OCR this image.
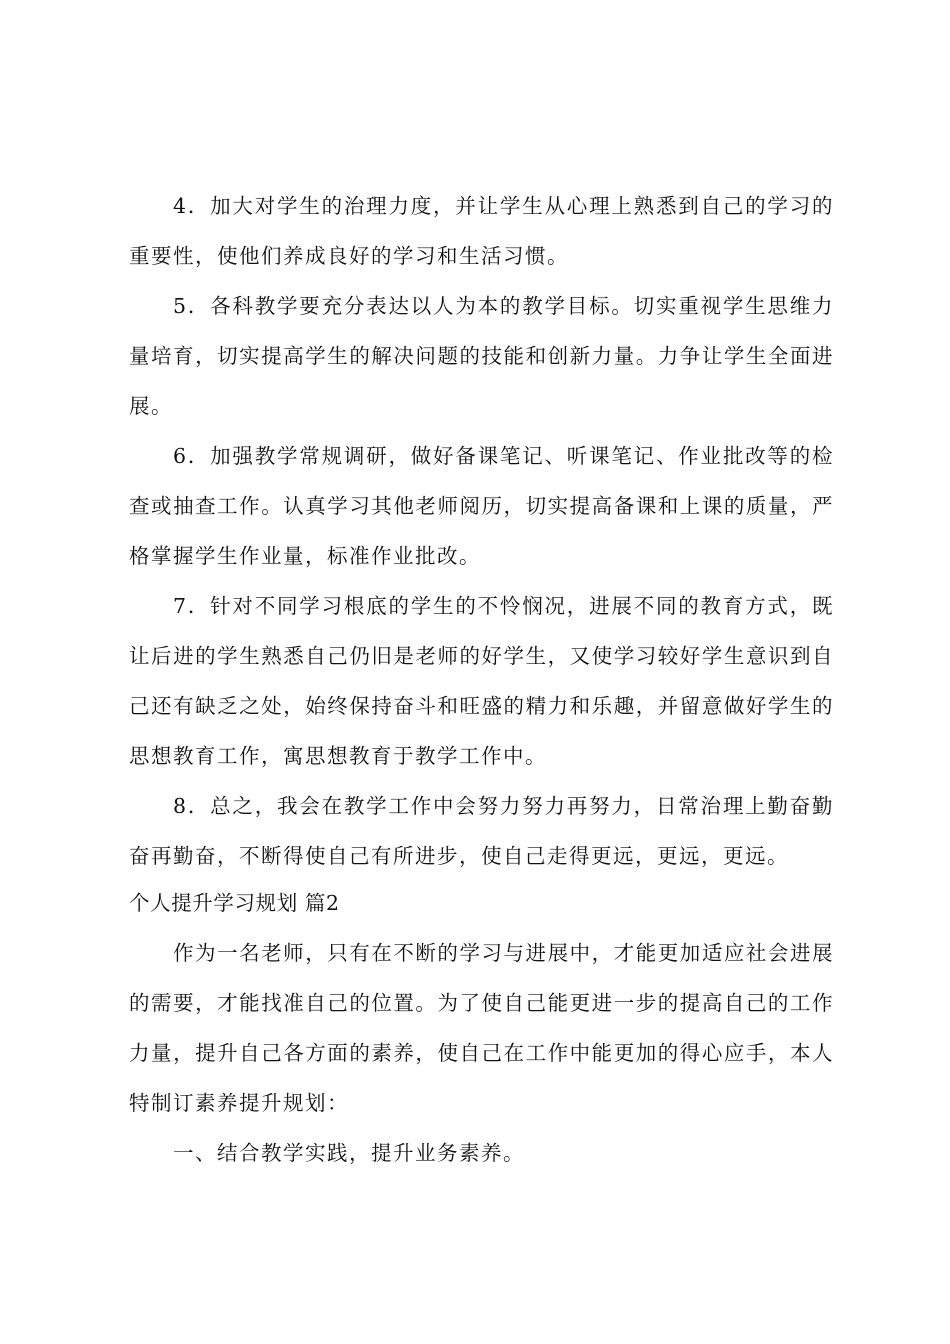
4．加大对学生的治理力度，并让学生从心理上熟悉到自己的学习的重要性，使他们养成良好的学习和生活习惯。

5．各科教学要充分表达以人为本的教学目标。切实重视学生思维力量培育，切实提高学生的解决问题的技能和创新力量。力争让学生全面进展。

6．加强教学常规调研，做好备课笔记、听课笔记、作业批改等的检查或抽查工作。认真学习其他老师阅历，切实提高备课和上课的质量，严格掌握学生作业量，标准作业批改。

7．针对不同学习根底的学生的不怜悯况，进展不同的教育方式，既让后进的学生熟悉自己仍旧是老师的好学生，又使学习较好学生意识到自己还有缺乏之处，始终保持奋斗和旺盛的精力和乐趣，并留意做好学生的思想教育工作，寓思想教育于教学工作中。

8．总之，我会在教学工作中会努力努力再努力，日常治理上勤奋勤奋再勤奋，不断得使自己有所进步，使自己走得更远，更远，更远。

个人提升学习规划 篇2

作为一名老师，只有在不断的学习与进展中，才能更加适应社会进展的需要，才能找准自己的位置。为了使自己能更进一步的提高自己的工作力量，提升自己各方面的素养，使自己在工作中能更加的得心应手，本人特制订素养提升规划：

一、结合教学实践，提升业务素养。
